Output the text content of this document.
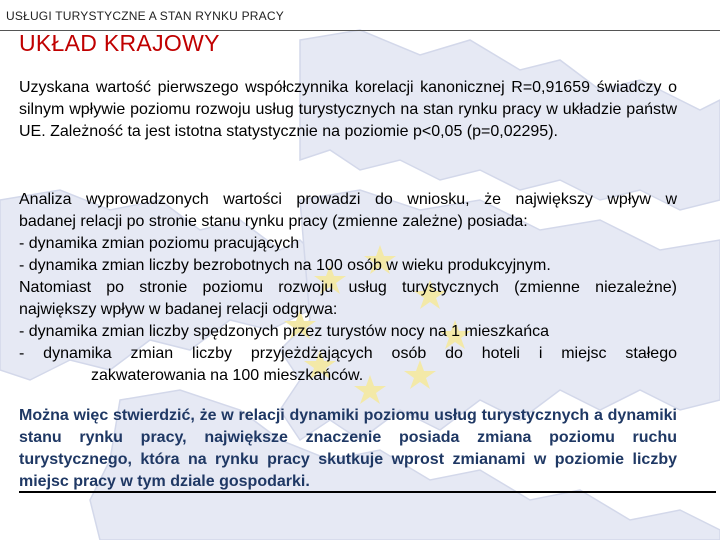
USŁUGI TURYSTYCZNE A STAN RYNKU PRACY
UKŁAD KRAJOWY

Uzyskana wartość pierwszego współczynnika korelacji kanonicznej R=0,91659 świadczy o silnym wpływie poziomu rozwoju usług turystycznych na stan rynku pracy w układzie państw UE. Zależność ta jest istotna statystycznie na poziomie p<0,05 (p=0,02295).

Analiza wyprowadzonych wartości prowadzi do wniosku, że największy wpływ w
badanej relacji po stronie stanu rynku pracy (zmienne zależne) posiada:
- dynamika zmian poziomu pracujących
- dynamika zmian liczby bezrobotnych na 100 osób w wieku produkcyjnym.
Natomiast po stronie poziomu rozwoju usług turystycznych (zmienne niezależne)
największy wpływ w badanej relacji odgrywa:
- dynamika zmian liczby spędzonych przez turystów nocy na 1 mieszkańca
- dynamika zmian liczby przyjeżdżających osób do hoteli i miejsc stałego
zakwaterowania na 100 mieszkańców.

Można więc stwierdzić, że w relacji dynamiki poziomu usług turystycznych a dynamiki stanu rynku pracy, największe znaczenie posiada zmiana poziomu ruchu turystycznego, która na rynku pracy skutkuje wprost zmianami w poziomie liczby miejsc pracy w tym dziale gospodarki.
